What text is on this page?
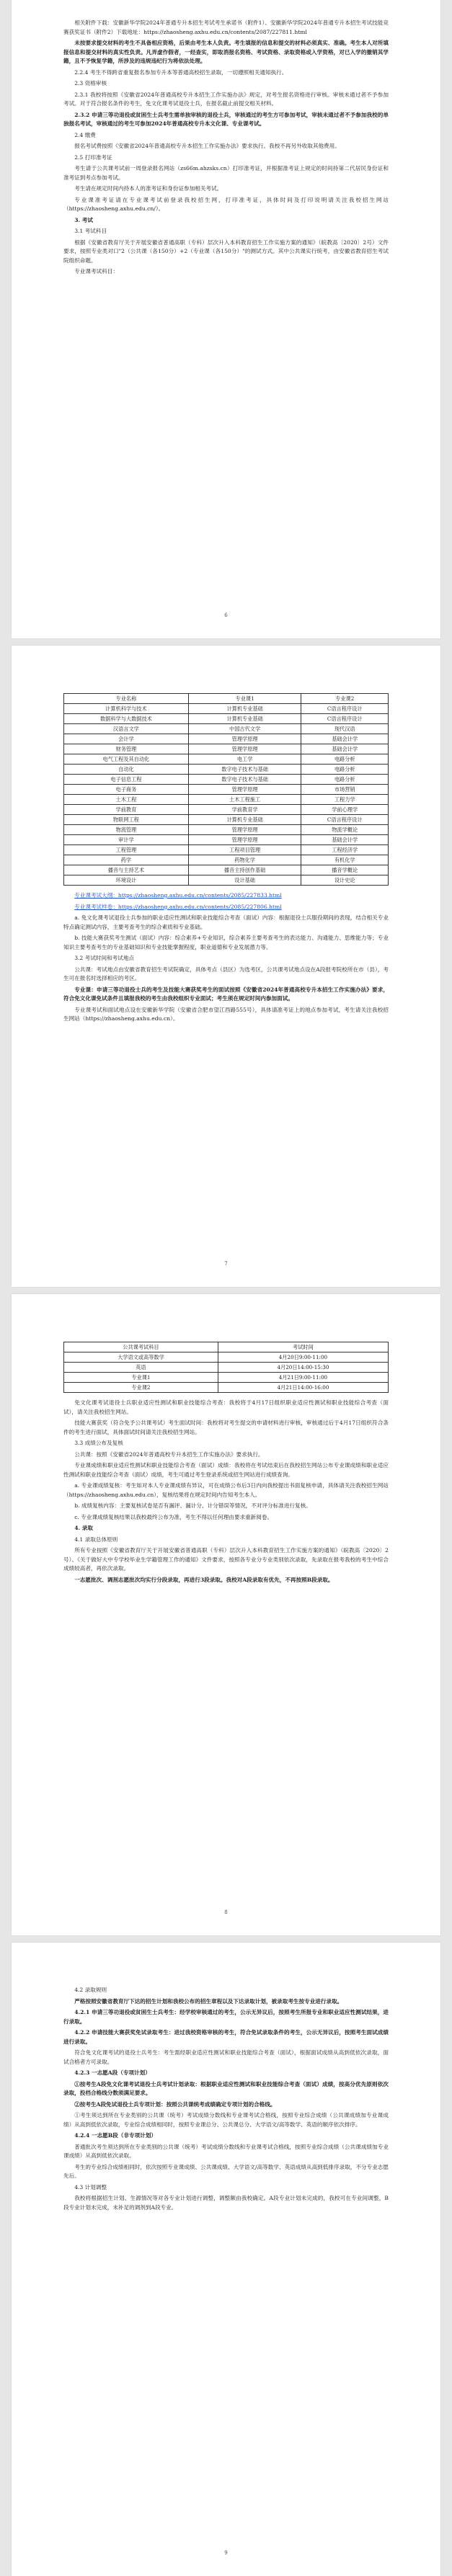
相关附件下载：安徽新华学院2024年普通专升本招生考试考生承诺书（附件1）、安徽新华学院2024年普通专升本招生考试技能竞赛获奖证书（附件2）下载地址：https://zhaosheng.axhu.edu.cn/contents/2087/227811.html

未按要求提交材料的考生不具备相应资格，后果由考生本人负责。考生填报的信息和提交的材料必须真实、准确。考生本人对所填报信息和提交材料的真实性负责。凡弄虚作假者，一经查实，即取消报名资格、考试资格、录取资格或入学资格，对已入学的撤销其学籍，且不予恢复学籍，所涉及的违规违纪行为将依法处理。

2.2.4 考生不得跨省重复报名参加专升本等普通高校招生录取，一切遵照相关通知执行。

2.3 资格审核

2.3.1 我校将按照《安徽省2024年普通高校专升本招生工作实施办法》规定，对考生报名资格进行审核。审核未通过者不予参加考试。对于符合报名条件的考生，免文化课考试退役士兵，在报名截止前提交相关材料。

2.3.2 申请三等功退役或贫困生士兵考生需单独审核的退役士兵，审核通过的考生方可参加考试，审核未通过者不予参加我校的单独报名考试，审核通过的考生可参加2024年普通高校专升本文化课、专业课考试。

2.4 缴费

报名考试费按照《安徽省2024年普通高校专升本招生工作实施办法》要求执行。我校不再另外收取其他费用。

2.5 打印准考证

考生请于公共课考试前一周登录报名网站（zs66m.ahzsks.cn）打印准考证，并根据准考证上规定的时间持第二代居民身份证和准考证到考点参加考试。

考生请在规定时间内持本人的准考证和身份证参加相关考试。

专业课准考证请在专业课考试前登录我校招生网，打印准考证，具体时间及打印说明请关注我校招生网站（https://zhaosheng.axhu.edu.cn/）。

3. 考试

3.1 考试科目

根据《安徽省教育厅关于开展安徽省普通高职（专科）层次升入本科教育招生工作实施方案的通知》（皖教高〔2020〕2号）文件要求，按照专业类对口"2（公共课（各150分）+2（专业课（各150分）"的测试方式。其中公共课实行统考，由安徽省教育招生考试院组织命题。

专业课考试科目：

6
专业名称	专业课1	专业课2
计算机科学与技术	计算机专业基础	C语言程序设计
数据科学与大数据技术	计算机专业基础	C语言程序设计
汉语言文学	中国古代文学	现代汉语
会计学	管理学原理	基础会计学
财务管理	管理学原理	基础会计学
电气工程及其自动化	电工学	电路分析
自动化	数字电子技术与基础	电路分析
电子信息工程	数字电子技术与基础	电路分析
电子商务	管理学原理	市场营销
土木工程	土木工程施工	工程力学
学前教育	学前教育学	学前心理学
物联网工程	计算机专业基础	C语言程序设计
物流管理	管理学原理	物流学概论
审计学	管理学原理	基础会计学
工程管理	工程项目管理	工程经济学
药学	药物化学	有机化学
播音与主持艺术	播音主持创作基础	播音学概论
环境设计	设计基础	设计史论

专业课考试大纲：https://zhaosheng.axhu.edu.cn/contents/2085/227833.html

专业课考试样卷：https://zhaosheng.axhu.edu.cn/contents/2085/227806.html

a. 免文化课考试退役士兵参加的职业适应性测试和职业技能综合考查（面试）内容：根据退役士兵服役期间的表现，结合相关专业特点确定测试内容，主要考查考生的综合素质和专业基础。

b. 技能大赛获奖考生测试（面试）内容：综合素养+专业知识，综合素养主要考查考生的表达能力、沟通能力、思维能力等；专业知识主要考查考生的专业基础知识和专业技能掌握程度，职业道德和专业发展潜力等。

3.2 考试时间和考试地点

公共课：考试地点由安徽省教育招生考试院确定，具体考点（县区）为选考区，公共课考试地点设在A段报考院校所在市（县），考生可在报名时选择相应的考区。

专业课：申请三等功退役士兵的考生及技能大赛获奖考生的面试按照《安徽省2024年普通高校专升本招生工作实施办法》要求，符合免文化课免试条件且填报我校的考生由我校组织专业面试；考生须在规定时间内参加面试。

专业课考试和面试地点设在安徽新华学院（安徽省合肥市望江西路555号），具体请准考证上的地点参加考试，考生请关注我校招生网站（https://zhaosheng.axhu.edu.cn）。

7
公共课考试科目	考试时间
大学语文或高等数学	4月20日9:00-11:00
英语	4月20日14:00-15:30
专业课1	4月21日9:00-11:00
专业课2	4月21日14:00-16:00

免文化课考试退役士兵职业适应性测试和职业技能综合考查：我校将于4月17日组织职业适应性测试和职业技能综合考查（面试），请关注我校招生网站。

技能大赛获奖（符合免予公共课考试）考生面试时间：我校将对考生提交的申请材料进行审核，审核通过后于4月17日组织符合条件的考生进行面试，具体面试时间请关注我校招生网站。

3.3 成绩公布及复核

公共课：按照《安徽省2024年普通高校专升本招生工作实施办法》要求执行。

专业课成绩和职业适应性测试和职业技能综合考查（面试）成绩：我校将在考试结束后在我校招生网站公布专业课成绩和职业适应性测试和职业技能综合考查（面试）成绩，考生可通过考生登录系统或招生网站进行成绩查询。

a. 专业课成绩复核：考生如对本人专业课成绩有异议，可在成绩公布后3日内向我校提出书面复核申请，具体请关注我校招生网站（https://zhaosheng.axhu.edu.cn），复核结果将在规定时间内告知考生本人。

b. 成绩复核内容：主要复核试卷是否有漏评、漏计分、计分错误等情况，不对评分标准进行复核。

c. 专业课成绩复核结果以我校最终公布为准，考生不得以任何理由要求重新阅卷。

4. 录取

4.1 录取总体原则

所有专业按照《安徽省教育厅关于开展安徽省普通高职（专科）层次升入本科教育招生工作实施方案的通知》（皖教高〔2020〕2号）、《关于做好大中专学校毕业生学籍管理工作的通知》文件要求，按照各专业分专业类别依次录取，先录取在报考我校的考生中综合成绩较高者，再依次录取。

一志愿批次、调剂志愿批次均实行分段录取，再进行3段录取。我校对A段录取有优先，不再按照B段录取。

8

4.2 录取规则

严格按照安徽省教育厅下达的招生计划和我校公布的招生章程以及下达录取计划，被录取考生按专业进行录取。

4.2.1 申请三等功退役或贫困生士兵考生：经学校审核通过的考生，公示无异议后，按照考生所报专业和职业适应性测试结果，进行录取。

4.2.2 申请技能大赛获奖免试录取考生：进过我校资格审核的考生，符合免试录取条件的考生，公示无异议后，按照考生面试成绩进行录取。

符合免文化课考试的退役士兵考生：考生需经职业适应性测试和职业技能综合考查（面试），根据面试成绩从高到低依次录取，面试合格者方可录取。

4.2.3 一志愿A段（专项计划）

①按考生A段免文化课考试退役士兵考试计划录取：根据职业适应性测试和职业技能综合考查（面试）成绩，按高分优先原则依次录取，投档合格线分数须满足要求。

②按考生A段免试退役士兵专项计划：按照公共课统考成绩确定专项计划的合格线。

①考生须达到所在专业类别的公共课（统考）考试成绩分数线和专业课考试合格线，按照专业综合成绩（公共课成绩加专业课成绩）从高到低依次录取，专业综合成绩相同时，按照专业课总分、公共课总分、大学语文/高等数学、英语的顺序依次排序。

4.2.4 一志愿B段（非专项计划）

普通批次考生须达到所在专业类别的公共课（统考）考试成绩分数线和专业课考试合格线，按照专业综合成绩（公共课成绩加专业课成绩）从高到低依次录取。

考生的专业综合成绩相同时，依次按照专业课成绩、公共课成绩、大学语文/高等数学、英语成绩从高到低排序录取，不分专业志愿先后。

4.3 计划调整

我校将根据招生计划、生源情况等对各专业计划进行调整，调整额由我校确定。A段专业计划未完成的，我校可在专业间调整，B段专业计划未完成，未补足的调剂到A段专业。

9
